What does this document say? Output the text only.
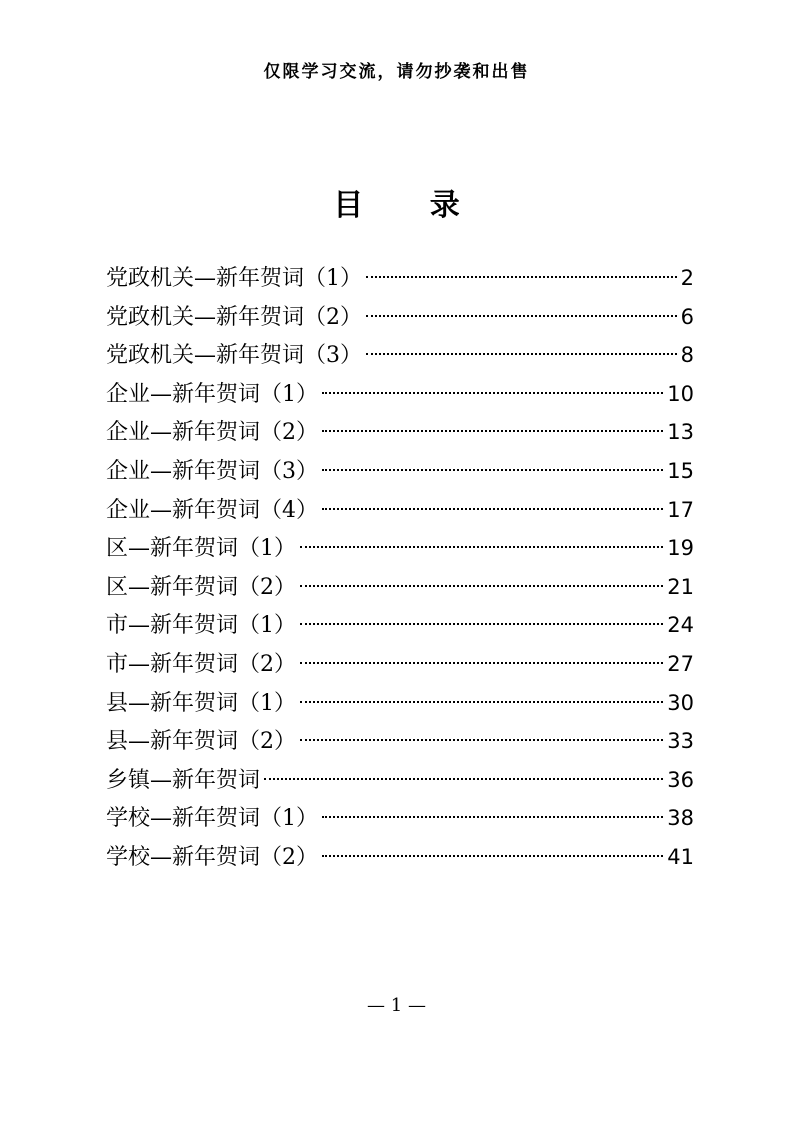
仅限学习交流，请勿抄袭和出售
目 录
党政机关—新年贺词（1）	2
党政机关—新年贺词（2）	6
党政机关—新年贺词（3）	8
企业—新年贺词（1）	10
企业—新年贺词（2）	13
企业—新年贺词（3）	15
企业—新年贺词（4）	17
区—新年贺词（1）	19
区—新年贺词（2）	21
市—新年贺词（1）	24
市—新年贺词（2）	27
县—新年贺词（1）	30
县—新年贺词（2）	33
乡镇—新年贺词	36
学校—新年贺词（1）	38
学校—新年贺词（2）	41
— 1 —
